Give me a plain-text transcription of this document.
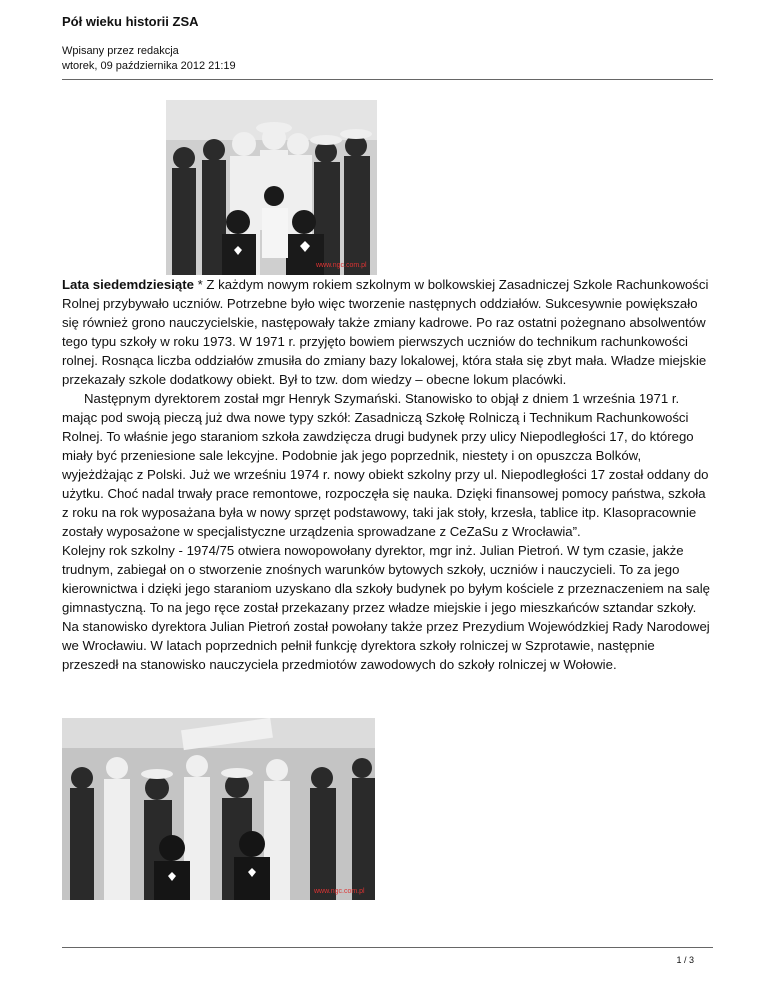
Pół wieku historii ZSA
Wpisany przez redakcja
wtorek, 09 października 2012 21:19
www.ngc.com.pl

Lata siedemdziesiąte * Z każdym nowym rokiem szkolnym w bolkowskiej Zasadniczej Szkole Rachunkowości Rolnej przybywało uczniów. Potrzebne było więc tworzenie następnych oddziałów. Sukcesywnie powiększało się również grono nauczycielskie, następowały także zmiany kadrowe. Po raz ostatni pożegnano absolwentów tego typu szkoły w roku 1973. W 1971 r. przyjęto bowiem pierwszych uczniów do technikum rachunkowości rolnej. Rosnąca liczba oddziałów zmusiła do zmiany bazy lokalowej, która stała się zbyt mała. Władze miejskie przekazały szkole dodatkowy obiekt. Był to tzw. dom wiedzy – obecne lokum placówki.

Następnym dyrektorem został mgr Henryk Szymański. Stanowisko to objął z dniem 1 września 1971 r. mając pod swoją pieczą już dwa nowe typy szkół: Zasadniczą Szkołę Rolniczą i Technikum Rachunkowości Rolnej. To właśnie jego staraniom szkoła zawdzięcza drugi budynek przy ulicy Niepodległości 17, do którego miały być przeniesione sale lekcyjne. Podobnie jak jego poprzednik, niestety i on opuszcza Bolków, wyjeżdżając z Polski. Już we wrześniu 1974 r. nowy obiekt szkolny przy ul. Niepodległości 17 został oddany do użytku. Choć nadal trwały prace remontowe, rozpoczęła się nauka. Dzięki finansowej pomocy państwa, szkoła z roku na rok wyposażana była w nowy sprzęt podstawowy, taki jak stoły, krzesła, tablice itp. Klasopracownie zostały wyposażone w specjalistyczne urządzenia sprowadzane z CeZaSu z Wrocławia”.

Kolejny rok szkolny - 1974/75 otwiera nowopowołany dyrektor, mgr inż. Julian Pietroń. W tym czasie, jakże trudnym, zabiegał on o stworzenie znośnych warunków bytowych szkoły, uczniów i nauczycieli. To za jego kierownictwa i dzięki jego staraniom uzyskano dla szkoły budynek po byłym kościele z przeznaczeniem na salę gimnastyczną. To na jego ręce został przekazany przez władze miejskie i jego mieszkańców sztandar szkoły. Na stanowisko dyrektora Julian Pietroń został powołany także przez Prezydium Wojewódzkiej Rady Narodowej we Wrocławiu. W latach poprzednich pełnił funkcję dyrektora szkoły rolniczej w Szprotawie, następnie przeszedł na stanowisko nauczyciela przedmiotów zawodowych do szkoły rolniczej w Wołowie.

www.ngc.com.pl
1 / 3
